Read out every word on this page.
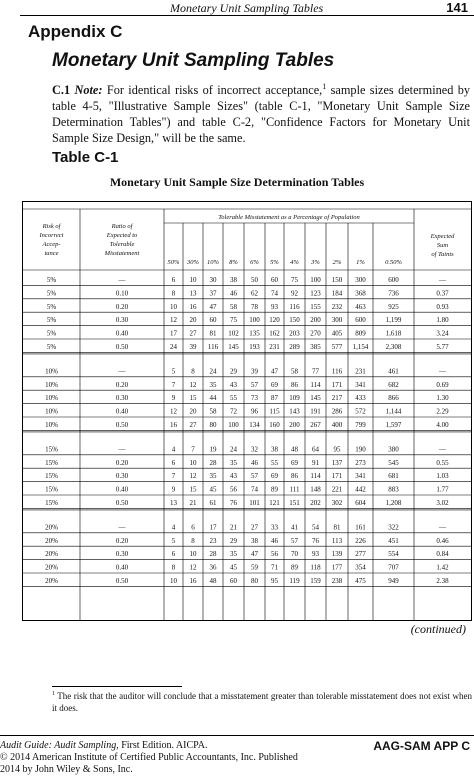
Monetary Unit Sampling Tables	141
Appendix C
Monetary Unit Sampling Tables
C.1 Note: For identical risks of incorrect acceptance,$^1$ sample sizes determined by table 4-5, "Illustrative Sample Sizes" (table C-1, "Monetary Unit Sample Size Determination Tables") and table C-2, "Confidence Factors for Monetary Unit Sample Size Design," will be the same.
Table C-1
Monetary Unit Sample Size Determination Tables
Tolerable Misstatement as a Percentage of Population
Risk of
Incorrect
Accep-
tance
Ratio of
Expected to
Tolerable
Misstatement
Expected
Sum
of Taints
50% 30% 10% 8% 6% 5% 4% 3% 2% 1%	0.50%
5%	—	6 10 30 38 50 60 75 100 150 300	600	—
5%	0.10	8 13 37 46 62 74 92 123 184 368	736	0.37
5%	0.20	10 16 47 58 78 93 116 155 232 463	925	0.93
5%	0.30	12 20 60 75 100 120 150 200 300 600	1,199	1.80
5%	0.40	17 27 81 102 135 162 203 270 405 809	1,618	3.24
5%	0.50	24 39 116 145 193 231 289 385 577 1,154 2,308	5.77
10%	—	5 8 24 29 39 47 58 77 116 231	461	—
10%	0.20	7 12 35 43 57 69 86 114 171 341	682	0.69
10%	0.30	9 15 44 55 73 87 109 145 217 433	866	1.30
10%	0.40	12 20 58 72 96 115 143 191 286 572	1,144	2.29
10%	0.50	16 27 80 100 134 160 200 267 400 799	1,597	4.00
15%	—	4 7 19 24 32 38 48 64 95 190	380	—
15%	0.20	6 10 28 35 46 55 69 91 137 273	545	0.55
15%	0.30	7 12 35 43 57 69 86 114 171 341	681	1.03
15%	0.40	9 15 45 56 74 89 111 148 221 442	883	1.77
15%	0.50	13 21 61 76 101 121 151 202 302 604	1,208	3.02
20%	—	4 6 17 21 27 33 41 54 81 161	322	—
20%	0.20	5 8 23 29 38 46 57 76 113 226	451	0.46
20%	0.30	6 10 28 35 47 56 70 93 139 277	554	0.84
20%	0.40	8 12 36 45 59 71 89 118 177 354	707	1.42
20%	0.50	10 16 48 60 80 95 119 159 238 475	949	2.38
(continued)
$^1$ The risk that the auditor will conclude that a misstatement greater than tolerable misstatement does not exist when it does.
Audit Guide: Audit Sampling, First Edition. AICPA.
© 2014 American Institute of Certified Public Accountants, Inc. Published 2014 by John Wiley & Sons, Inc.
AAG-SAM APP C
